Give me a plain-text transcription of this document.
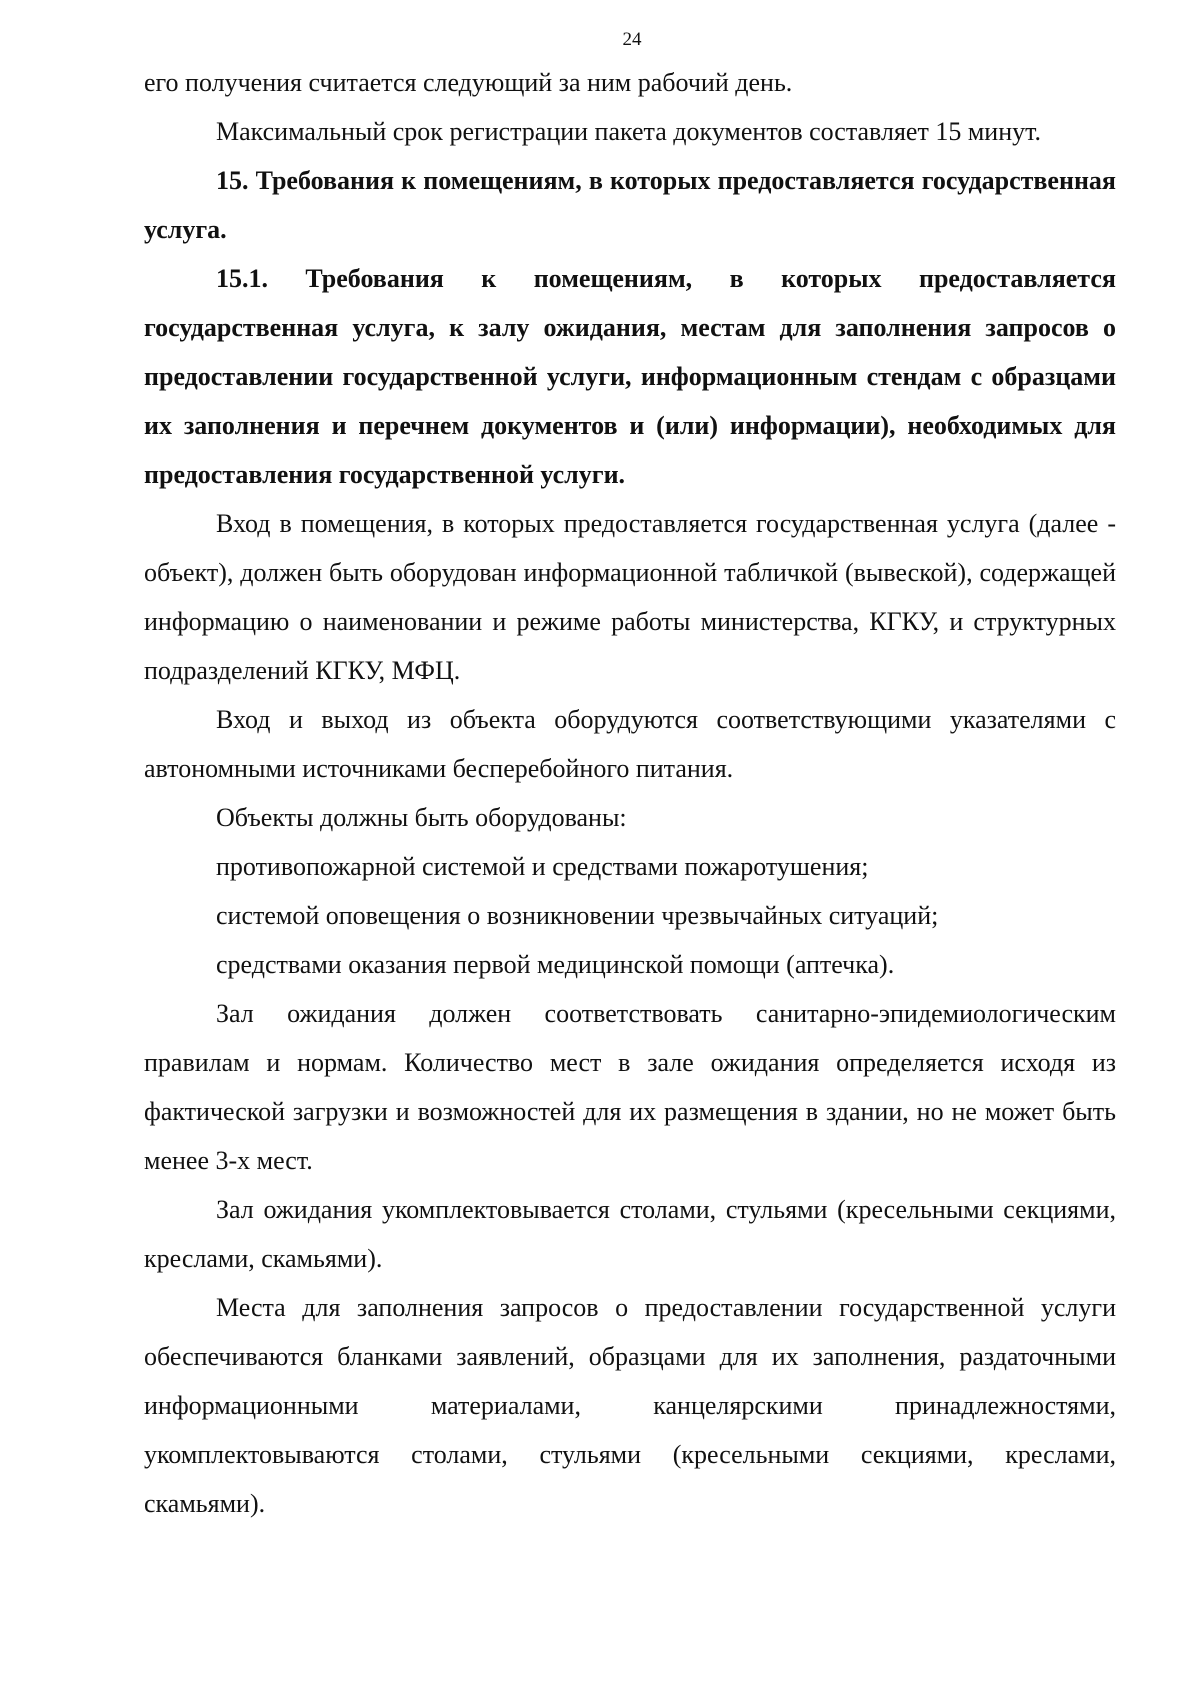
24

его получения считается следующий за ним рабочий день.

Максимальный срок регистрации пакета документов составляет 15 минут.

15. Требования к помещениям, в которых предоставляется государственная услуга.

15.1. Требования к помещениям, в которых предоставляется государственная услуга, к залу ожидания, местам для заполнения запросов о предоставлении государственной услуги, информационным стендам с образцами их заполнения и перечнем документов и (или) информации), необходимых для предоставления государственной услуги.

Вход в помещения, в которых предоставляется государственная услуга (далее - объект), должен быть оборудован информационной табличкой (вывеской), содержащей информацию о наименовании и режиме работы министерства, КГКУ, и структурных подразделений КГКУ, МФЦ.

Вход и выход из объекта оборудуются соответствующими указателями с автономными источниками бесперебойного питания.

Объекты должны быть оборудованы:

противопожарной системой и средствами пожаротушения;

системой оповещения о возникновении чрезвычайных ситуаций;

средствами оказания первой медицинской помощи (аптечка).

Зал ожидания должен соответствовать санитарно-эпидемиологическим правилам и нормам. Количество мест в зале ожидания определяется исходя из фактической загрузки и возможностей для их размещения в здании, но не может быть менее 3-х мест.

Зал ожидания укомплектовывается столами, стульями (кресельными секциями, креслами, скамьями).

Места для заполнения запросов о предоставлении государственной услуги обеспечиваются бланками заявлений, образцами для их заполнения, раздаточными информационными материалами, канцелярскими принадлежностями, укомплектовываются столами, стульями (кресельными секциями, креслами, скамьями).
